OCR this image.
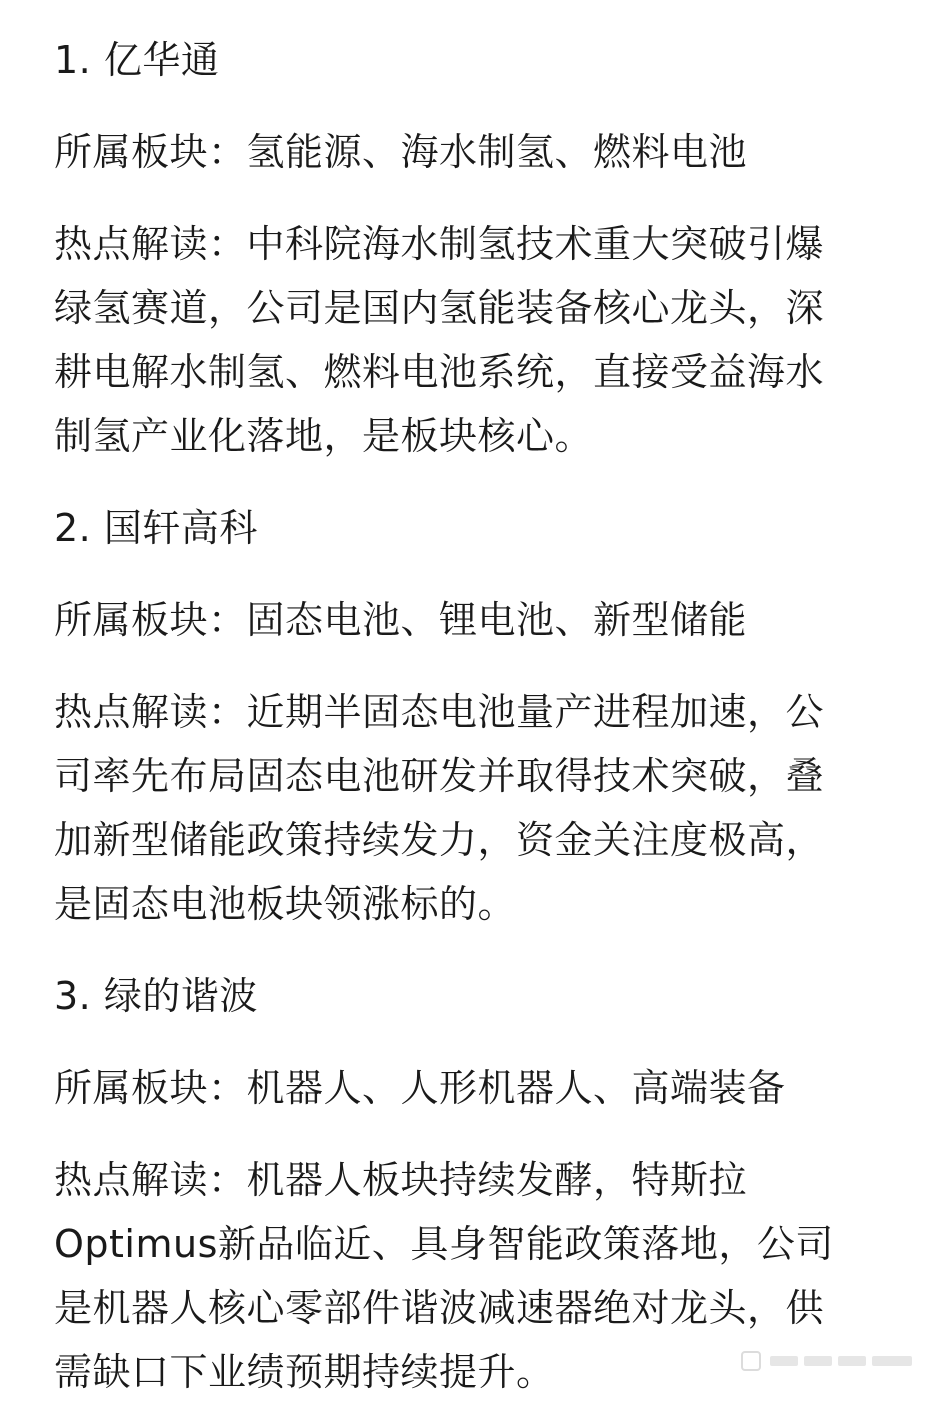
1. 亿华通

所属板块：氢能源、海水制氢、燃料电池

热点解读：中科院海水制氢技术重大突破引爆

绿氢赛道，公司是国内氢能装备核心龙头，深

耕电解水制氢、燃料电池系统，直接受益海水

制氢产业化落地，是板块核心。

2. 国轩高科

所属板块：固态电池、锂电池、新型储能

热点解读：近期半固态电池量产进程加速，公

司率先布局固态电池研发并取得技术突破，叠

加新型储能政策持续发力，资金关注度极高，

是固态电池板块领涨标的。

3. 绿的谐波

所属板块：机器人、人形机器人、高端装备

热点解读：机器人板块持续发酵，特斯拉

Optimus新品临近、具身智能政策落地，公司

是机器人核心零部件谐波减速器绝对龙头，供

需缺口下业绩预期持续提升。
